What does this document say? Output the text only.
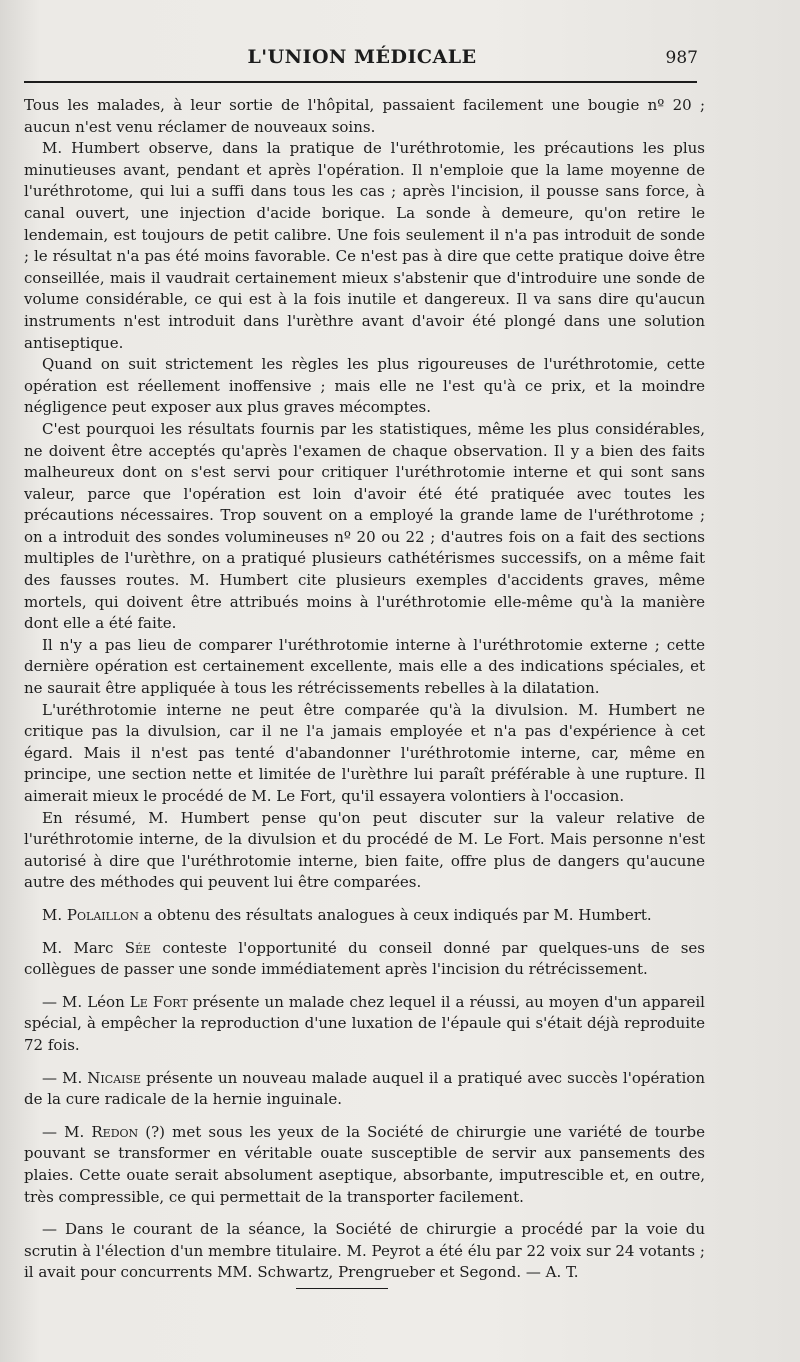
L'UNION MÉDICALE	987

Tous les malades, à leur sortie de l'hôpital, passaient facilement une bougie nº 20 ; aucun n'est venu réclamer de nouveaux soins.

M. Humbert observe, dans la pratique de l'uréthrotomie, les précautions les plus minutieuses avant, pendant et après l'opération. Il n'emploie que la lame moyenne de l'uréthrotome, qui lui a suffi dans tous les cas ; après l'incision, il pousse sans force, à canal ouvert, une injection d'acide borique. La sonde à demeure, qu'on retire le lendemain, est toujours de petit calibre. Une fois seulement il n'a pas introduit de sonde ; le résultat n'a pas été moins favorable. Ce n'est pas à dire que cette pratique doive être conseillée, mais il vaudrait certainement mieux s'abstenir que d'introduire une sonde de volume considérable, ce qui est à la fois inutile et dangereux. Il va sans dire qu'aucun instruments n'est introduit dans l'urèthre avant d'avoir été plongé dans une solution antiseptique.

Quand on suit strictement les règles les plus rigoureuses de l'uréthrotomie, cette opération est réellement inoffensive ; mais elle ne l'est qu'à ce prix, et la moindre négligence peut exposer aux plus graves mécomptes.

C'est pourquoi les résultats fournis par les statistiques, même les plus considérables, ne doivent être acceptés qu'après l'examen de chaque observation. Il y a bien des faits malheureux dont on s'est servi pour critiquer l'uréthrotomie interne et qui sont sans valeur, parce que l'opération est loin d'avoir été été pratiquée avec toutes les précautions nécessaires. Trop souvent on a employé la grande lame de l'uréthrotome ; on a introduit des sondes volumineuses nº 20 ou 22 ; d'autres fois on a fait des sections multiples de l'urèthre, on a pratiqué plusieurs cathétérismes successifs, on a même fait des fausses routes. M. Humbert cite plusieurs exemples d'accidents graves, même mortels, qui doivent être attribués moins à l'uréthrotomie elle-même qu'à la manière dont elle a été faite.

Il n'y a pas lieu de comparer l'uréthrotomie interne à l'uréthrotomie externe ; cette dernière opération est certainement excellente, mais elle a des indications spéciales, et ne saurait être appliquée à tous les rétrécissements rebelles à la dilatation.

L'uréthrotomie interne ne peut être comparée qu'à la divulsion. M. Humbert ne critique pas la divulsion, car il ne l'a jamais employée et n'a pas d'expérience à cet égard. Mais il n'est pas tenté d'abandonner l'uréthrotomie interne, car, même en principe, une section nette et limitée de l'urèthre lui paraît préférable à une rupture. Il aimerait mieux le procédé de M. Le Fort, qu'il essayera volontiers à l'occasion.

En résumé, M. Humbert pense qu'on peut discuter sur la valeur relative de l'uréthrotomie interne, de la divulsion et du procédé de M. Le Fort. Mais personne n'est autorisé à dire que l'uréthrotomie interne, bien faite, offre plus de dangers qu'aucune autre des méthodes qui peuvent lui être comparées.

M. Polaillon a obtenu des résultats analogues à ceux indiqués par M. Humbert.

M. Marc Sée conteste l'opportunité du conseil donné par quelques-uns de ses collègues de passer une sonde immédiatement après l'incision du rétrécissement.

— M. Léon Le Fort présente un malade chez lequel il a réussi, au moyen d'un appareil spécial, à empêcher la reproduction d'une luxation de l'épaule qui s'était déjà reproduite 72 fois.

— M. Nicaise présente un nouveau malade auquel il a pratiqué avec succès l'opération de la cure radicale de la hernie inguinale.

— M. Redon (?) met sous les yeux de la Société de chirurgie une variété de tourbe pouvant se transformer en véritable ouate susceptible de servir aux pansements des plaies. Cette ouate serait absolument aseptique, absorbante, imputrescible et, en outre, très compressible, ce qui permettait de la transporter facilement.

— Dans le courant de la séance, la Société de chirurgie a procédé par la voie du scrutin à l'élection d'un membre titulaire. M. Peyrot a été élu par 22 voix sur 24 votants ; il avait pour concurrents MM. Schwartz, Prengrueber et Segond. — A. T.
